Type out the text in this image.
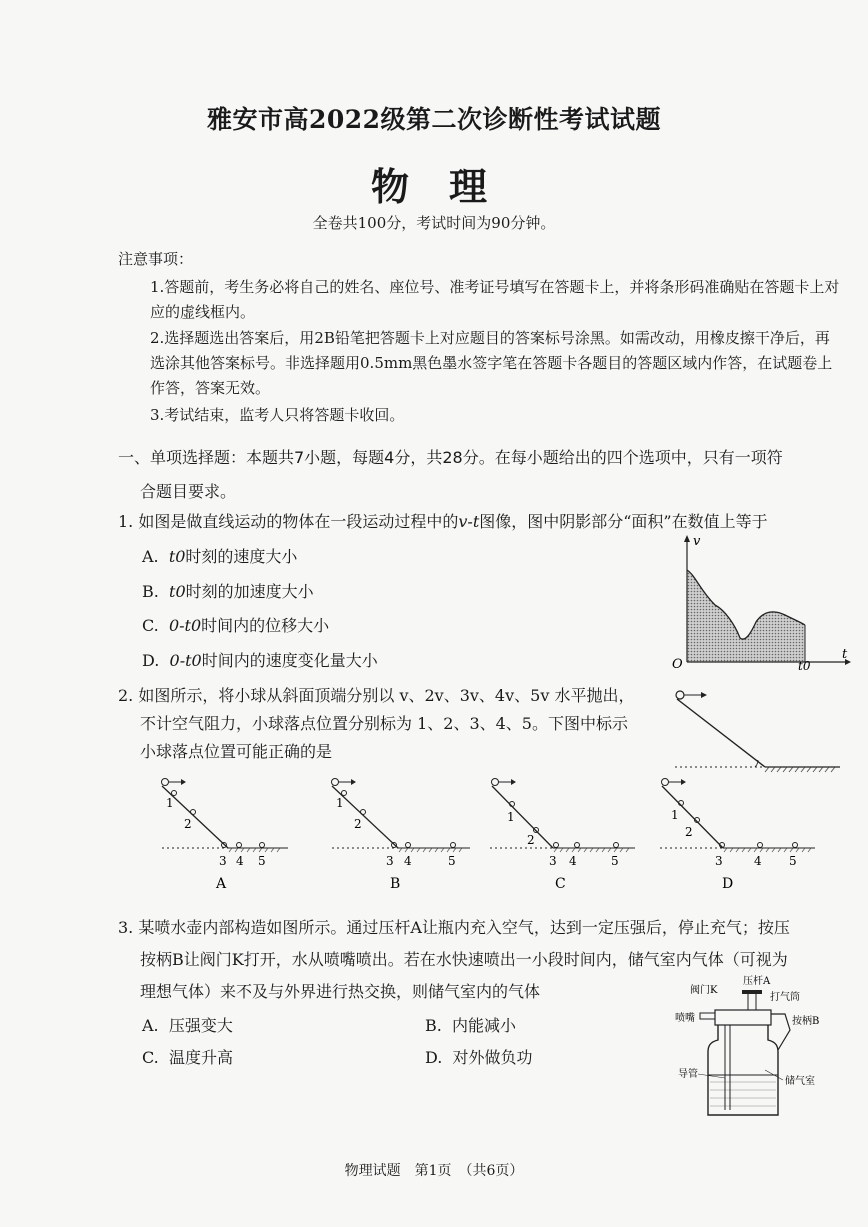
雅安市高2022级第二次诊断性考试试题
物理
全卷共100分，考试时间为90分钟。
注意事项：
1.答题前，考生务必将自己的姓名、座位号、准考证号填写在答题卡上，并将条形码准确贴在答题卡上对应的虚线框内。
2.选择题选出答案后，用2B铅笔把答题卡上对应题目的答案标号涂黑。如需改动，用橡皮擦干净后，再选涂其他答案标号。非选择题用0.5mm黑色墨水签字笔在答题卡各题目的答题区域内作答，在试题卷上作答，答案无效。
3.考试结束，监考人只将答题卡收回。
一、单项选择题：本题共7小题，每题4分，共28分。在每小题给出的四个选项中，只有一项符
合题目要求。
1. 如图是做直线运动的物体在一段运动过程中的v-t图像，图中阴影部分“面积”在数值上等于
A. t0时刻的速度大小
B. t0时刻的加速度大小
C. 0-t0时间内的位移大小
D. 0-t0时间内的速度变化量大小
v
t
O	t0
2. 如图所示，将小球从斜面顶端分别以 v、2v、3v、4v、5v 水平抛出，
不计空气阻力，小球落点位置分别标为 1、2、3、4、5。下图中标示
小球落点位置可能正确的是
1
2
3 4 5
A
1
2
3 4	5
B
1
2
3 4	5
C
1
2
3	4 5
D
3. 某喷水壶内部构造如图所示。通过压杆A让瓶内充入空气，达到一定压强后，停止充气；按压
按柄B让阀门K打开，水从喷嘴喷出。若在水快速喷出一小段时间内，储气室内气体（可视为
理想气体）来不及与外界进行热交换，则储气室内的气体
A. 压强变大	B. 内能减小
C. 温度升高	D. 对外做负功
压杆A
阀门K
打气筒
喷嘴	按柄B
导管
储气室
物理试题　第1页　（共6页）
